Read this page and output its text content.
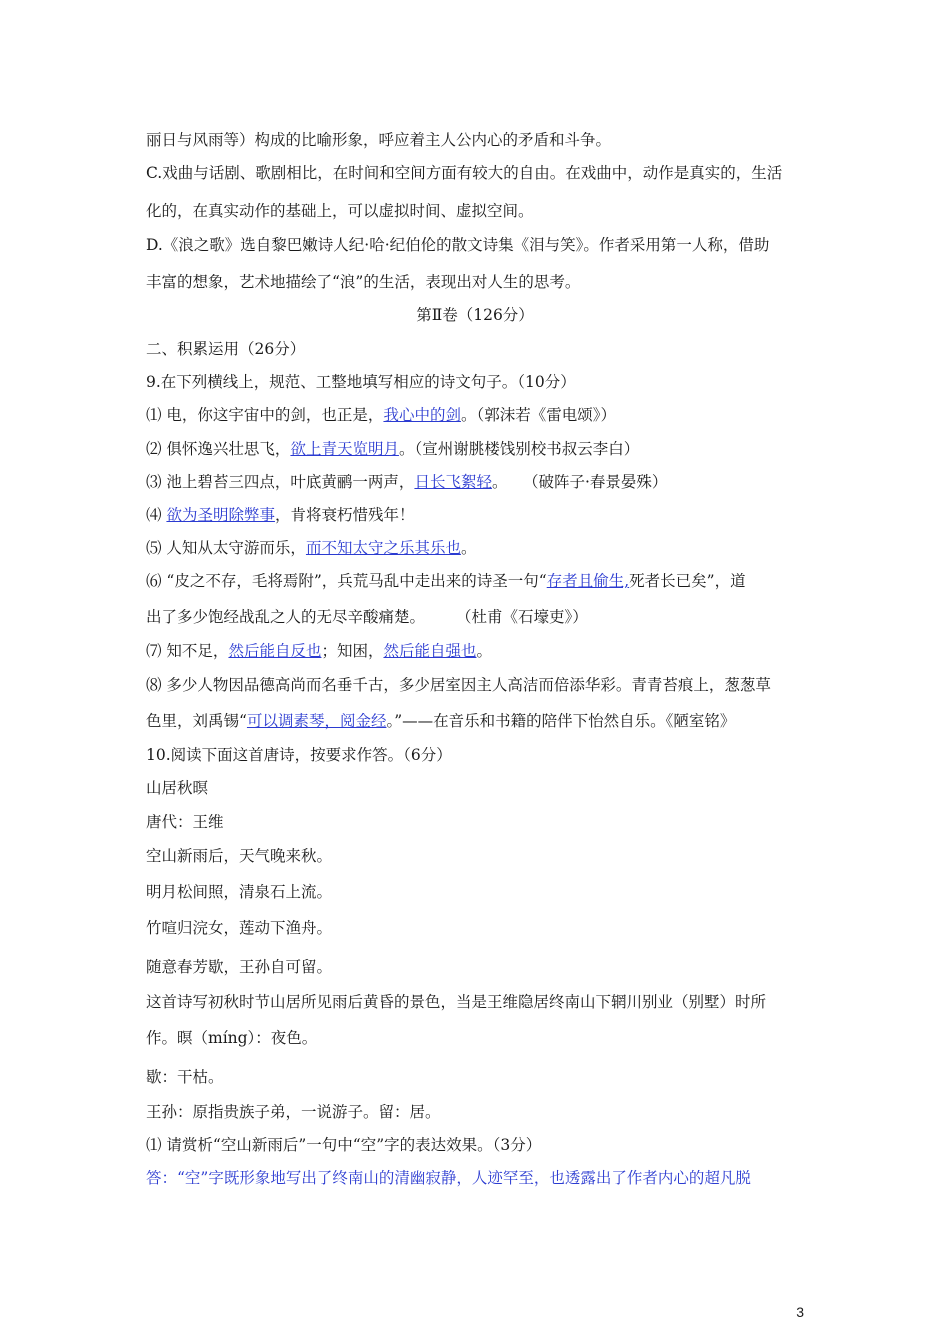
丽日与风雨等）构成的比喻形象，呼应着主人公内心的矛盾和斗争。
C.戏曲与话剧、歌剧相比，在时间和空间方面有较大的自由。在戏曲中，动作是真实的，生活
化的，在真实动作的基础上，可以虚拟时间、虚拟空间。
D.《浪之歌》选自黎巴嫩诗人纪·哈·纪伯伦的散文诗集《泪与笑》。作者采用第一人称，借助
丰富的想象，艺术地描绘了“浪”的生活，表现出对人生的思考。
第Ⅱ卷（126分）
二、积累运用（26分）
9.在下列横线上，规范、工整地填写相应的诗文句子。（10分）
⑴ 电，你这宇宙中的剑，也正是，我心中的剑。（郭沫若《雷电颂》）
⑵ 俱怀逸兴壮思飞，欲上青天览明月。（宣州谢朓楼饯别校书叔云李白）
⑶ 池上碧苔三四点，叶底黄鹂一两声，日长飞絮轻。　　（破阵子·春景晏殊）
⑷ 欲为圣明除弊事，肯将衰朽惜残年！
⑸ 人知从太守游而乐，而不知太守之乐其乐也。
⑹ “皮之不存，毛将焉附”，兵荒马乱中走出来的诗圣一句“存者且偷生,死者长已矣”，道
出了多少饱经战乱之人的无尽辛酸痛楚。　　　（杜甫《石壕吏》）
⑺ 知不足，然后能自反也；知困，然后能自强也。
⑻ 多少人物因品德高尚而名垂千古，多少居室因主人高洁而倍添华彩。青青苔痕上，葱葱草
色里，刘禹锡“可以调素琴，阅金经。”——在音乐和书籍的陪伴下怡然自乐。《陋室铭》
10.阅读下面这首唐诗，按要求作答。（6分）
山居秋暝
唐代：王维
空山新雨后，天气晚来秋。
明月松间照，清泉石上流。
竹喧归浣女，莲动下渔舟。
随意春芳歇，王孙自可留。
这首诗写初秋时节山居所见雨后黄昏的景色，当是王维隐居终南山下辋川别业（别墅）时所
作。暝（míng）：夜色。
歇：干枯。
王孙：原指贵族子弟，一说游子。留：居。
⑴ 请赏析“空山新雨后”一句中“空”字的表达效果。（3分）
答：“空”字既形象地写出了终南山的清幽寂静，人迹罕至，也透露出了作者内心的超凡脱
3
